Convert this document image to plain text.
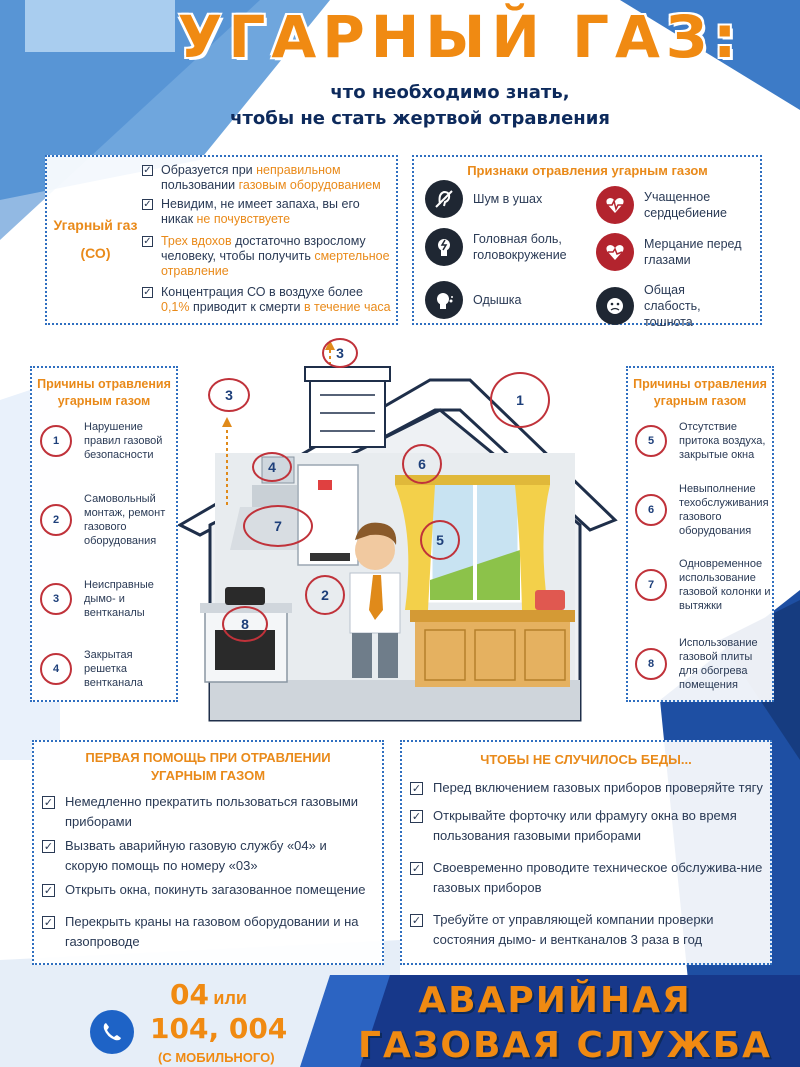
УГАРНЫЙ ГАЗ:
что необходимо знать,
чтобы не стать жертвой отравления
Угарный газ
(СО)
✓ Образуется при неправильном пользовании газовым оборудованием
✓ Невидим, не имеет запаха, вы его никак не почувствуете
✓ Трех вдохов достаточно взрослому человеку, чтобы получить смертельное отравление
✓ Концентрация СО в воздухе более 0,1% приводит к смерти в течение часа
Признаки отравления угарным газом
Шум в ушах	Учащенное сердцебиение
Головная боль, головокружение
Мерцание перед глазами
Одышка
Общая слабость, тошнота
1
2
3
3
4
5
6
7
8
Причины отравления
угарным газом
1
Нарушение правил газовой безопасности
2
Самовольный монтаж, ремонт газового оборудования
3
Неисправные дымо- и вентканалы
4
Закрытая решетка вентканала
Причины отравления
угарным газом
5
Отсутствие притока воздуха, закрытые окна
6
Невыполнение техобслуживания газового оборудования
7
Одновременное использование газовой колонки и вытяжки
8
Использование газовой плиты для обогрева помещения
ПЕРВАЯ ПОМОЩЬ ПРИ ОТРАВЛЕНИИ
УГАРНЫМ ГАЗОМ
✓ Немедленно прекратить пользоваться газовыми приборами
✓ Вызвать аварийную газовую службу «04» и скорую помощь по номеру «03»
✓ Открыть окна, покинуть загазованное помещение
✓ Перекрыть краны на газовом оборудовании и на газопроводе
ЧТОБЫ НЕ СЛУЧИЛОСЬ БЕДЫ...
✓ Перед включением газовых приборов проверяйте тягу
✓ Открывайте форточку или фрамугу окна во время пользования газовыми приборами
✓ Своевременно проводите техническое обслужива-ние газовых приборов
✓ Требуйте от управляющей компании проверки состояния дымо- и вентканалов 3 раза в год
04 или
104, 004
(С МОБИЛЬНОГО)
АВАРИЙНАЯ
ГАЗОВАЯ СЛУЖБА
